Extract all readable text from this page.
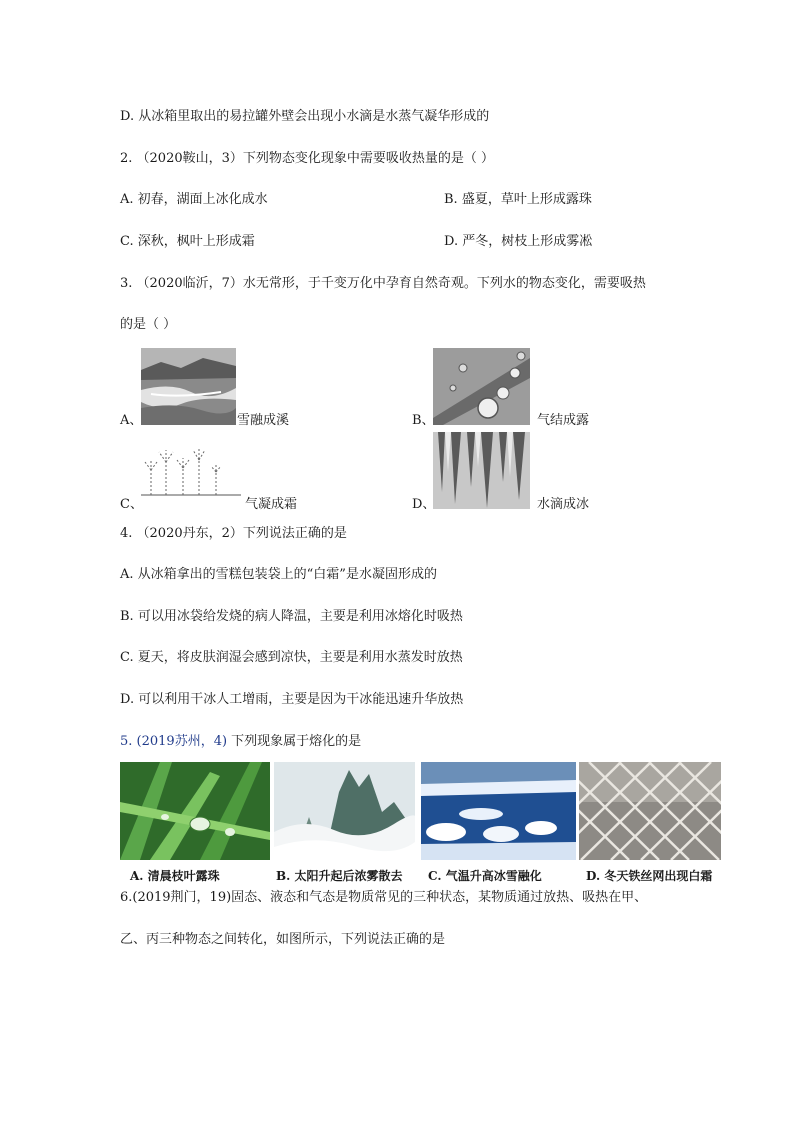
D. 从冰箱里取出的易拉罐外壁会出现小水滴是水蒸气凝华形成的
2. （2020鞍山，3）下列物态变化现象中需要吸收热量的是（ ）
A. 初春，湖面上冰化成水	B. 盛夏，草叶上形成露珠
C. 深秋，枫叶上形成霜	D. 严冬，树枝上形成雾凇
3. （2020临沂，7）水无常形，于千变万化中孕育自然奇观。下列水的物态变化，需要吸热
的是（ ）
A、	雪融成溪	B、	气结成露
C、	气凝成霜	D、	水滴成冰
4. （2020丹东，2）下列说法正确的是
A. 从冰箱拿出的雪糕包装袋上的“白霜”是水凝固形成的
B. 可以用冰袋给发烧的病人降温，主要是利用冰熔化时吸热
C. 夏天，将皮肤润湿会感到凉快，主要是利用水蒸发时放热
D. 可以利用干冰人工增雨，主要是因为干冰能迅速升华放热
5. (2019苏州，4) 下列现象属于熔化的是
A. 清晨枝叶露珠	B. 太阳升起后浓雾散去 C. 气温升高冰雪融化	D. 冬天铁丝网出现白霜
6.(2019荆门，19)固态、液态和气态是物质常见的三种状态，某物质通过放热、吸热在甲、
乙、丙三种物态之间转化，如图所示，下列说法正确的是
